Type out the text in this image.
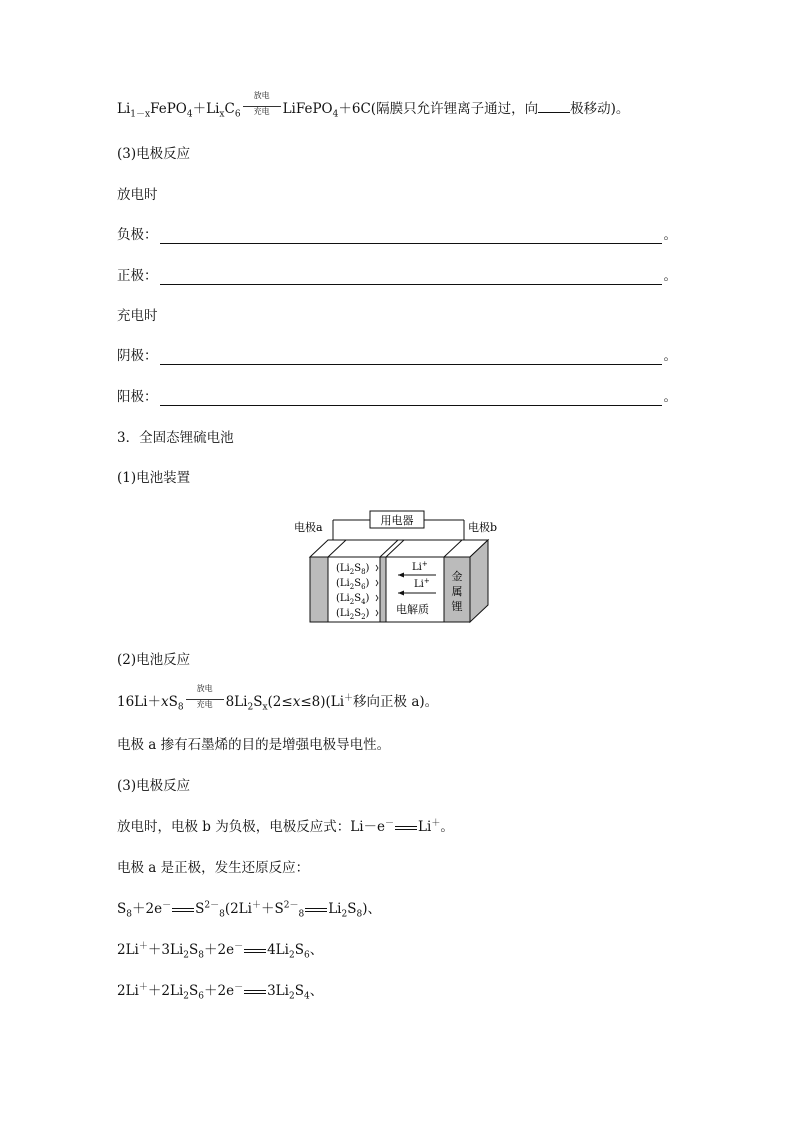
$Li_{1-x}FePO_4+Li_xC_6$
放电
充电 LiFePO$_4$＋6C(隔膜只允许锂离子通过，向 极移动)。
(3)电极反应
放电时
负极：	。
正极：	。
充电时
阴极：	。
阳极：	。
3．全固态锂硫电池
(1)电池装置
用电器
电极a	电极b
$(Li_2S_8)$
$(Li_2S_6)$
$(Li_2S_4)$
$(Li_2S_2)$
Li+
Li+
电解质
金
属
锂
(2)电池反应
$16Li+xS_8$
放电
充电 $8Li_2S_x(2\le x\le 8)(Li^+$移向正极 a)。
电极 a 掺有石墨烯的目的是增强电极导电性。
(3)电极反应
放电时，电极 b 为负极，电极反应式：Li－e－ Li＋。
电极 a 是正极，发生还原反应：
$S_8+2e^-$ $S^{2-}_8(2Li^++S^{2-}_8$ $Li_2S_8$)、
$2Li^++3Li_2S_8+2e^-$ $4Li_2S_6$、
$2Li^++2Li_2S_6+2e^-$ $3Li_2S_4$、
